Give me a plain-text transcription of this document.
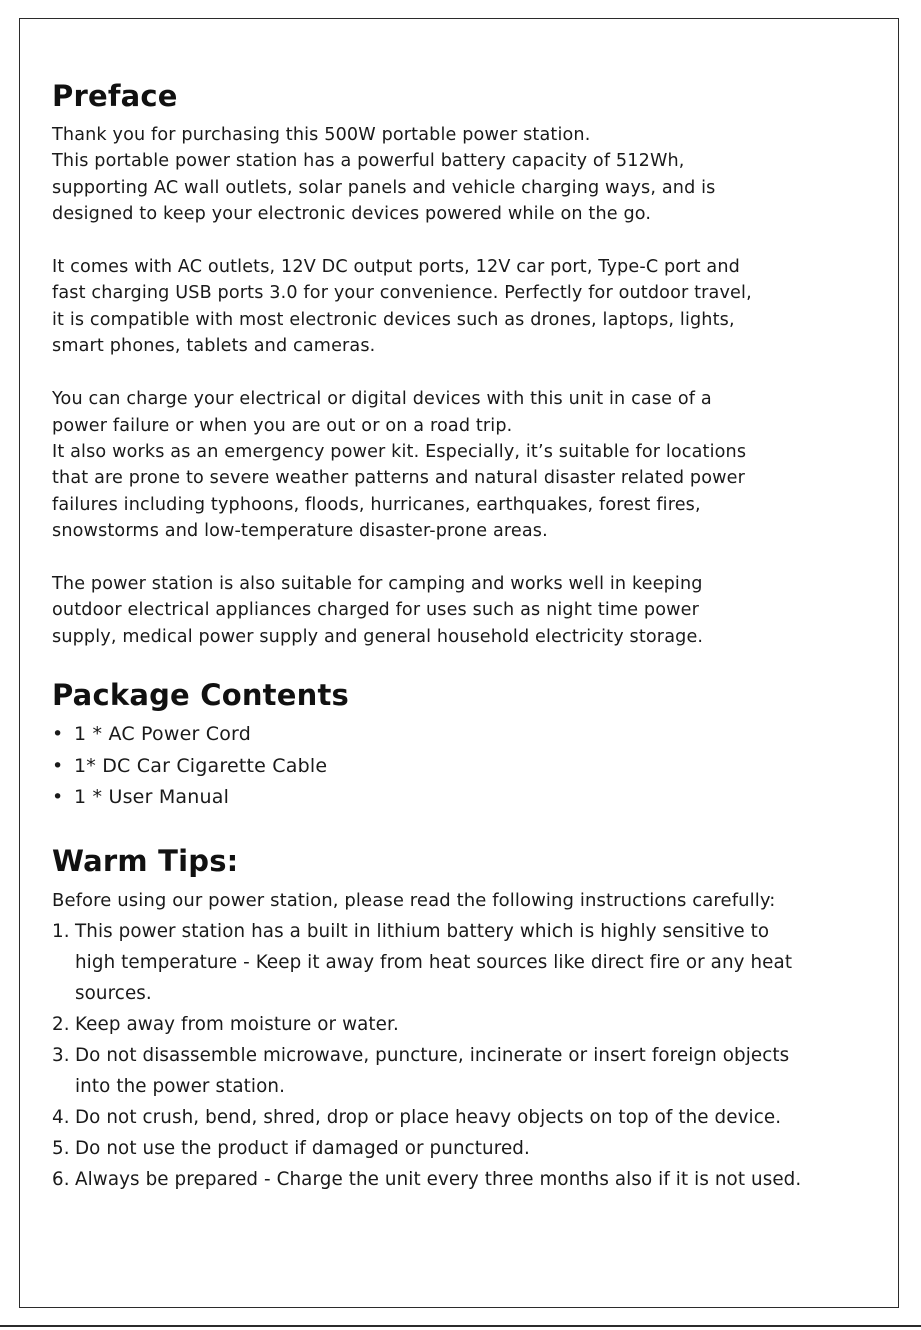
Preface

Thank you for purchasing this 500W portable power station.
This portable power station has a powerful battery capacity of 512Wh,
supporting AC wall outlets, solar panels and vehicle charging ways, and is
designed to keep your electronic devices powered while on the go.

It comes with AC outlets, 12V DC output ports, 12V car port, Type-C port and
fast charging USB ports 3.0 for your convenience. Perfectly for outdoor travel,
it is compatible with most electronic devices such as drones, laptops, lights,
smart phones, tablets and cameras.

You can charge your electrical or digital devices with this unit in case of a
power failure or when you are out or on a road trip.
It also works as an emergency power kit. Especially, it’s suitable for locations
that are prone to severe weather patterns and natural disaster related power
failures including typhoons, floods, hurricanes, earthquakes, forest fires,
snowstorms and low-temperature disaster-prone areas.

The power station is also suitable for camping and works well in keeping
outdoor electrical appliances charged for uses such as night time power
supply, medical power supply and general household electricity storage.

Package Contents
• 1 * AC Power Cord
• 1* DC Car Cigarette Cable
• 1 * User Manual
Warm Tips:
Before using our power station, please read the following instructions carefully:
1. This power station has a built in lithium battery which is highly sensitive to
high temperature - Keep it away from heat sources like direct fire or any heat
sources.
2. Keep away from moisture or water.
3. Do not disassemble microwave, puncture, incinerate or insert foreign objects
into the power station.
4. Do not crush, bend, shred, drop or place heavy objects on top of the device.
5. Do not use the product if damaged or punctured.
6. Always be prepared - Charge the unit every three months also if it is not used.
